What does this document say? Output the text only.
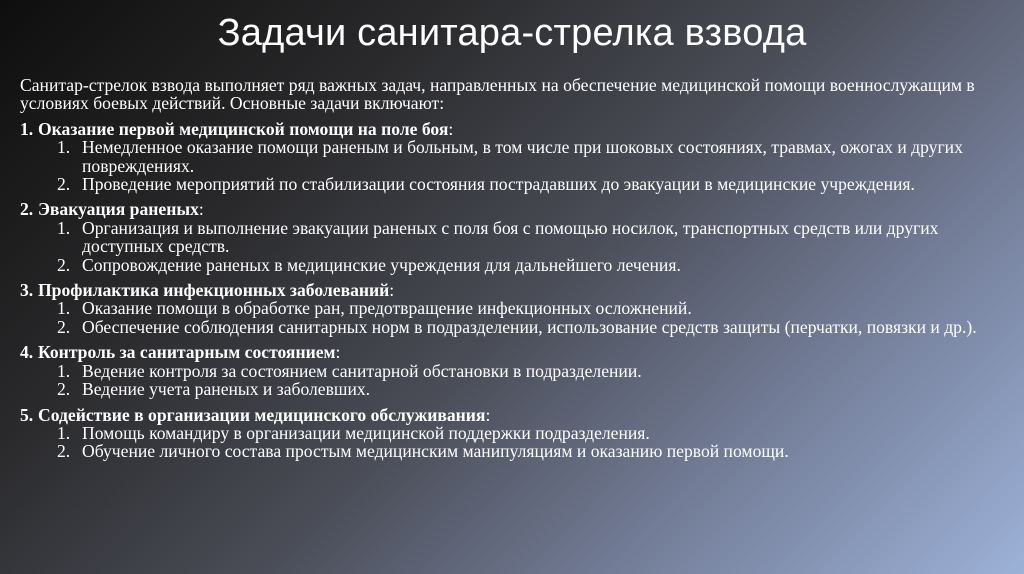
Задачи санитара-стрелка взвода

Санитар-стрелок взвода выполняет ряд важных задач, направленных на обеспечение медицинской помощи военнослужащим в условиях боевых действий. Основные задачи включают:

1. Оказание первой медицинской помощи на поле боя:
1. Немедленное оказание помощи раненым и больным, в том числе при шоковых состояниях, травмах, ожогах и других повреждениях.
2. Проведение мероприятий по стабилизации состояния пострадавших до эвакуации в медицинские учреждения.
2. Эвакуация раненых:
1. Организация и выполнение эвакуации раненых с поля боя с помощью носилок, транспортных средств или других доступных средств.
2. Сопровождение раненых в медицинские учреждения для дальнейшего лечения.
3. Профилактика инфекционных заболеваний:
1. Оказание помощи в обработке ран, предотвращение инфекционных осложнений.
2. Обеспечение соблюдения санитарных норм в подразделении, использование средств защиты (перчатки, повязки и др.).
4. Контроль за санитарным состоянием:
1. Ведение контроля за состоянием санитарной обстановки в подразделении.
2. Ведение учета раненых и заболевших.
5. Содействие в организации медицинского обслуживания:
1. Помощь командиру в организации медицинской поддержки подразделения.
2. Обучение личного состава простым медицинским манипуляциям и оказанию первой помощи.
